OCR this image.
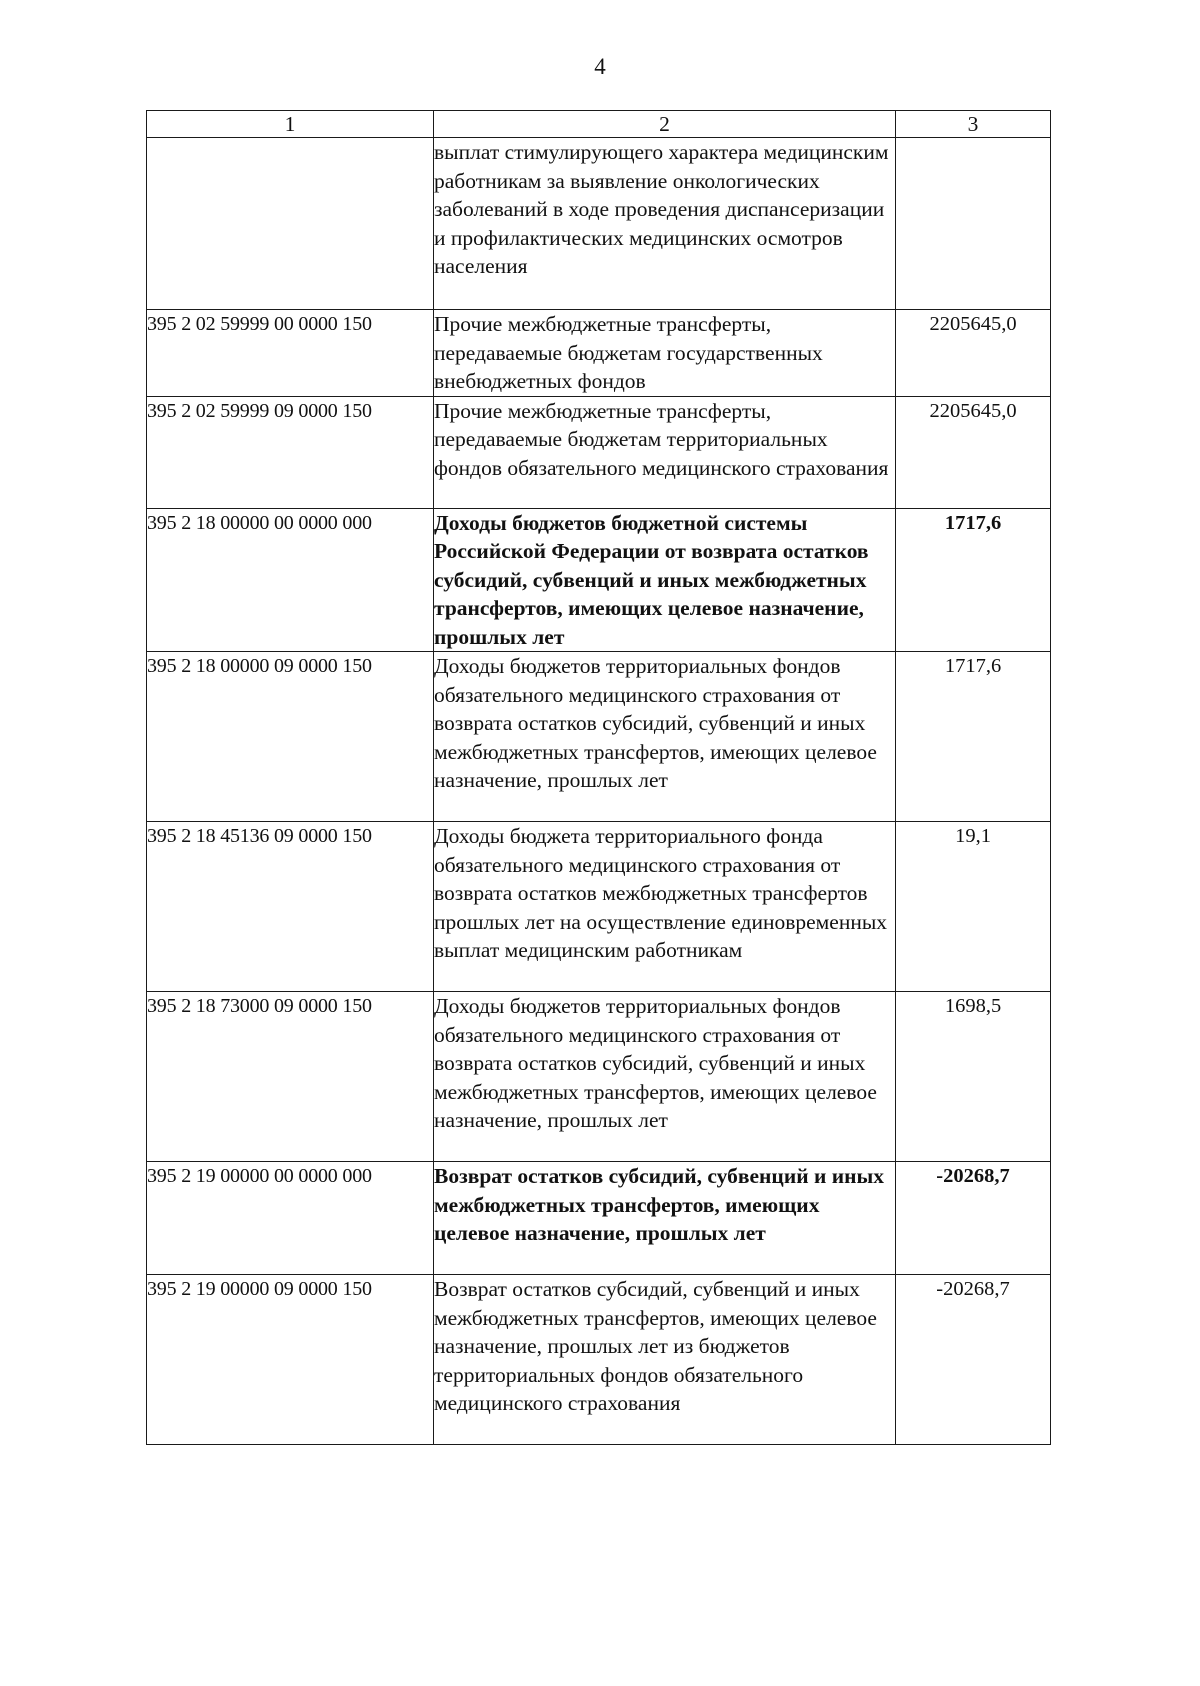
4
1	2	3
	выплат стимулирующего характера медицинским работникам за выявление онкологических заболеваний в ходе проведения диспансеризации и профилактических медицинских осмотров населения	
395 2 02 59999 00 0000 150	Прочие межбюджетные трансферты, передаваемые бюджетам государственных внебюджетных фондов	2205645,0
395 2 02 59999 09 0000 150	Прочие межбюджетные трансферты, передаваемые бюджетам территориальных фондов обязательного медицинского страхования	2205645,0
395 2 18 00000 00 0000 000	Доходы бюджетов бюджетной системы Российской Федерации от возврата остатков субсидий, субвенций и иных межбюджетных трансфертов, имеющих целевое назначение, прошлых лет	1717,6
395 2 18 00000 09 0000 150	Доходы бюджетов территориальных фондов обязательного медицинского страхования от возврата остатков субсидий, субвенций и иных межбюджетных трансфертов, имеющих целевое назначение, прошлых лет	1717,6
395 2 18 45136 09 0000 150	Доходы бюджета территориального фонда обязательного медицинского страхования от возврата остатков межбюджетных трансфертов прошлых лет на осуществление единовременных выплат медицинским работникам	19,1
395 2 18 73000 09 0000 150	Доходы бюджетов территориальных фондов обязательного медицинского страхования от возврата остатков субсидий, субвенций и иных межбюджетных трансфертов, имеющих целевое назначение, прошлых лет	1698,5
395 2 19 00000 00 0000 000	Возврат остатков субсидий, субвенций и иных межбюджетных трансфертов, имеющих целевое назначение, прошлых лет	-20268,7
395 2 19 00000 09 0000 150	Возврат остатков субсидий, субвенций и иных межбюджетных трансфертов, имеющих целевое назначение, прошлых лет из бюджетов территориальных фондов обязательного медицинского страхования	-20268,7
